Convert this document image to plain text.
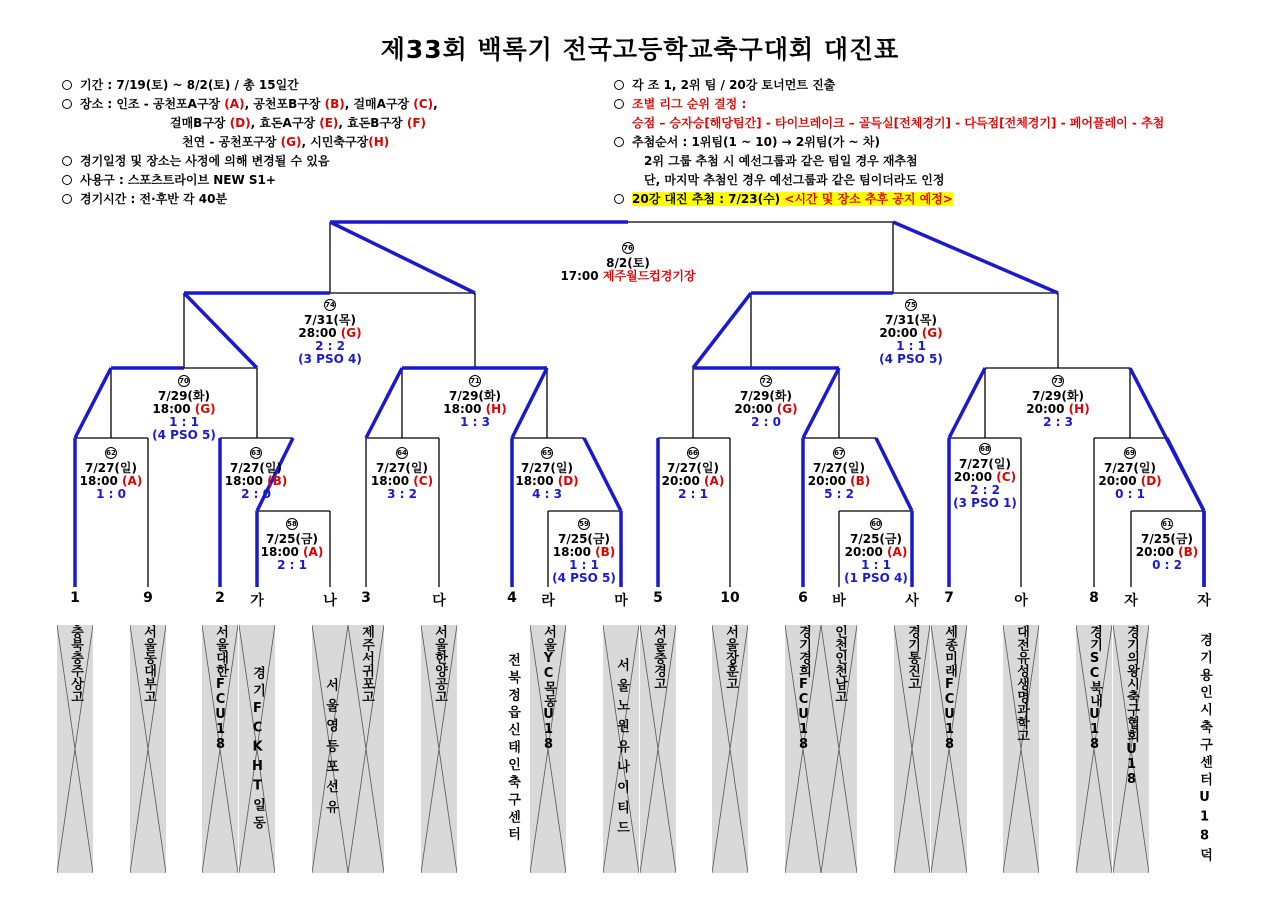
제33회 백록기 전국고등학교축구대회 대진표
기간 : 7/19(토) ~ 8/2(토) / 총 15일간
장소 : 인조 - 공천포A구장 (A), 공천포B구장 (B), 걸매A구장 (C),
걸매B구장 (D), 효돈A구장 (E), 효돈B구장 (F)
천연 - 공천포구장 (G), 시민축구장(H)
경기일정 및 장소는 사정에 의해 변경될 수 있음
사용구 : 스포츠트라이브 NEW S1+
경기시간 : 전·후반 각 40분
각 조 1, 2위 팀 / 20강 토너먼트 진출
조별 리그 순위 결정 :
승점 – 승자승[해당팀간] - 타이브레이크 – 골득실[전체경기] - 다득점[전체경기] - 페어플레이 - 추첨
추첨순서 : 1위팀(1 ~ 10) → 2위팀(가 ~ 차)
2위 그룹 추첨 시 예선그룹과 같은 팀일 경우 재추첨
단, 마지막 추첨인 경우 예선그룹과 같은 팀이더라도 인정
20강 대진 추첨 : 7/23(수) <시간 및 장소 추후 공지 예정>
76
8/2(토)
17:00 제주월드컵경기장
74
7/31(목)
28:00 (G)
2 : 2
(3 PSO 4)
75
7/31(목)
20:00 (G)
1 : 1
(4 PSO 5)
70
7/29(화)
18:00 (G)
1 : 1
(4 PSO 5)
71
7/29(화)
18:00 (H)
1 : 3
72
7/29(화)
20:00 (G)
2 : 0
73
7/29(화)
20:00 (H)
2 : 3
62
7/27(일)
18:00 (A)
1 : 0
63
7/27(일)
18:00 (B)
2 : 0
64
7/27(일)
18:00 (C)
3 : 2
65
7/27(일)
18:00 (D)
4 : 3
66
7/27(일)
20:00 (A)
2 : 1
67
7/27(일)
20:00 (B)
5 : 2
68
7/27(일)
20:00 (C)
2 : 2
(3 PSO 1)
69
7/27(일)
20:00 (D)
0 : 1
58
7/25(금)
18:00 (A)
2 : 1
59
7/25(금)
18:00 (B)
1 : 1
(4 PSO 5)
60
7/25(금)
20:00 (A)
1 : 1
(1 PSO 4)
61
7/25(금)
20:00 (B)
0 : 2
1	9	2	가	나	3	다	4	라	마	5	10	6	바	사	7	아	8	자	자
충북충주상고	서울동대부고	서울대한FCU18	경기FCKHT일동
서울영등포선유
제주서귀포고	서울한양공고	전북정읍신태인축구센터
서울YC목동U18	서울노원유나이티드
서울충경고	서울장훈고	경기경희FCU18	인천인천남고	경기통진고	세종미래FCU18	대전유성생명과학고	경기SC북내U18	경기의왕시축구협회U18	경기용인시축구센터U18덕
